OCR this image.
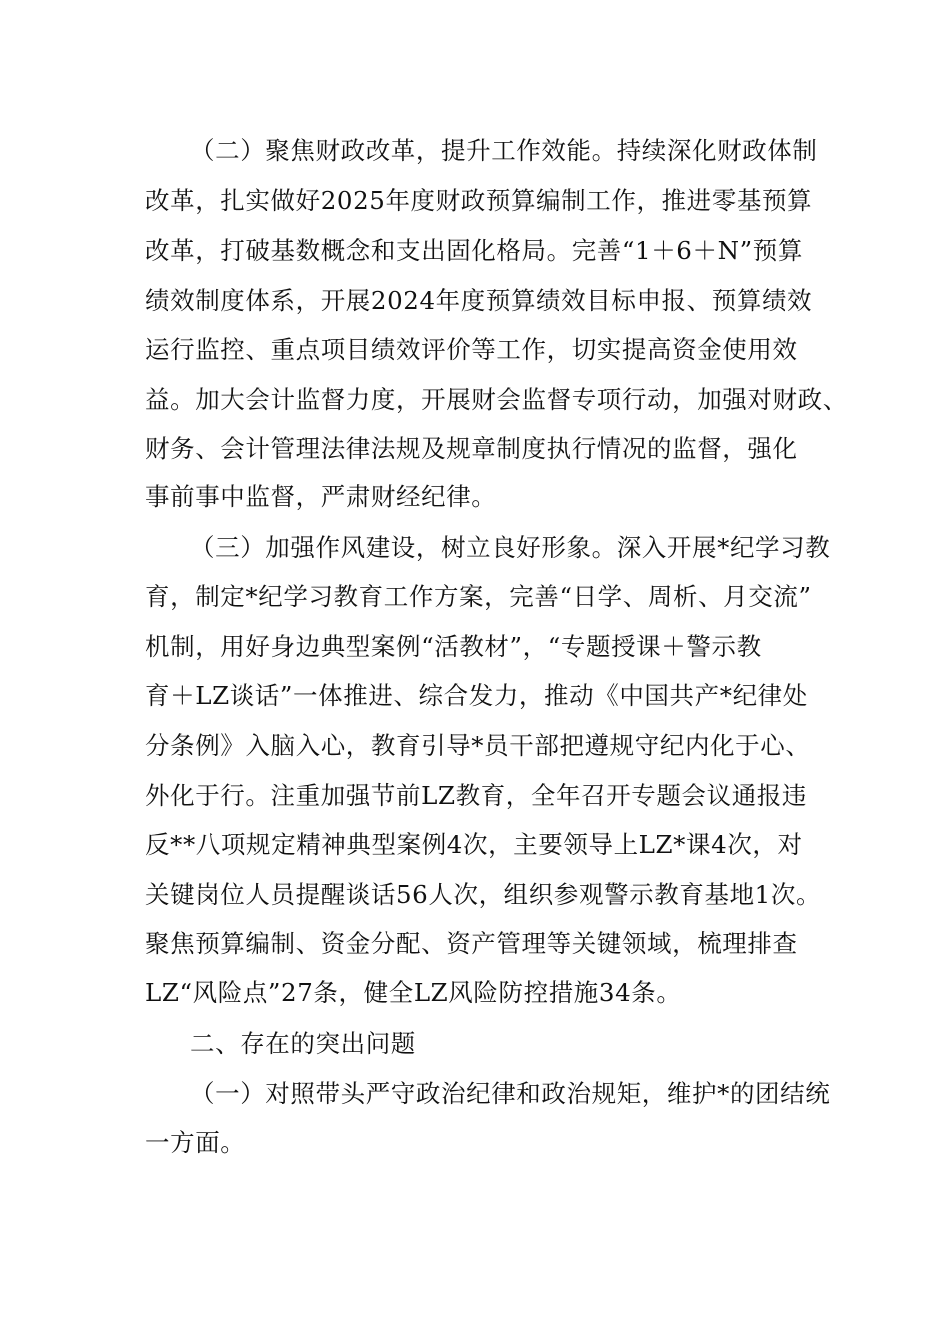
（二）聚焦财政改革，提升工作效能。持续深化财政体制
改革，扎实做好2025年度财政预算编制工作，推进零基预算
改革，打破基数概念和支出固化格局。完善“1＋6＋N”预算
绩效制度体系，开展2024年度预算绩效目标申报、预算绩效
运行监控、重点项目绩效评价等工作，切实提高资金使用效
益。加大会计监督力度，开展财会监督专项行动，加强对财政、
财务、会计管理法律法规及规章制度执行情况的监督，强化
事前事中监督，严肃财经纪律。
（三）加强作风建设，树立良好形象。深入开展*纪学习教
育，制定*纪学习教育工作方案，完善“日学、周析、月交流”
机制，用好身边典型案例“活教材”，“专题授课＋警示教
育＋LZ谈话”一体推进、综合发力，推动《中国共产*纪律处
分条例》入脑入心，教育引导*员干部把遵规守纪内化于心、
外化于行。注重加强节前LZ教育，全年召开专题会议通报违
反**八项规定精神典型案例4次，主要领导上LZ*课4次，对
关键岗位人员提醒谈话56人次，组织参观警示教育基地1次。
聚焦预算编制、资金分配、资产管理等关键领域，梳理排查
LZ“风险点”27条，健全LZ风险防控措施34条。
二、存在的突出问题
（一）对照带头严守政治纪律和政治规矩，维护*的团结统
一方面。
